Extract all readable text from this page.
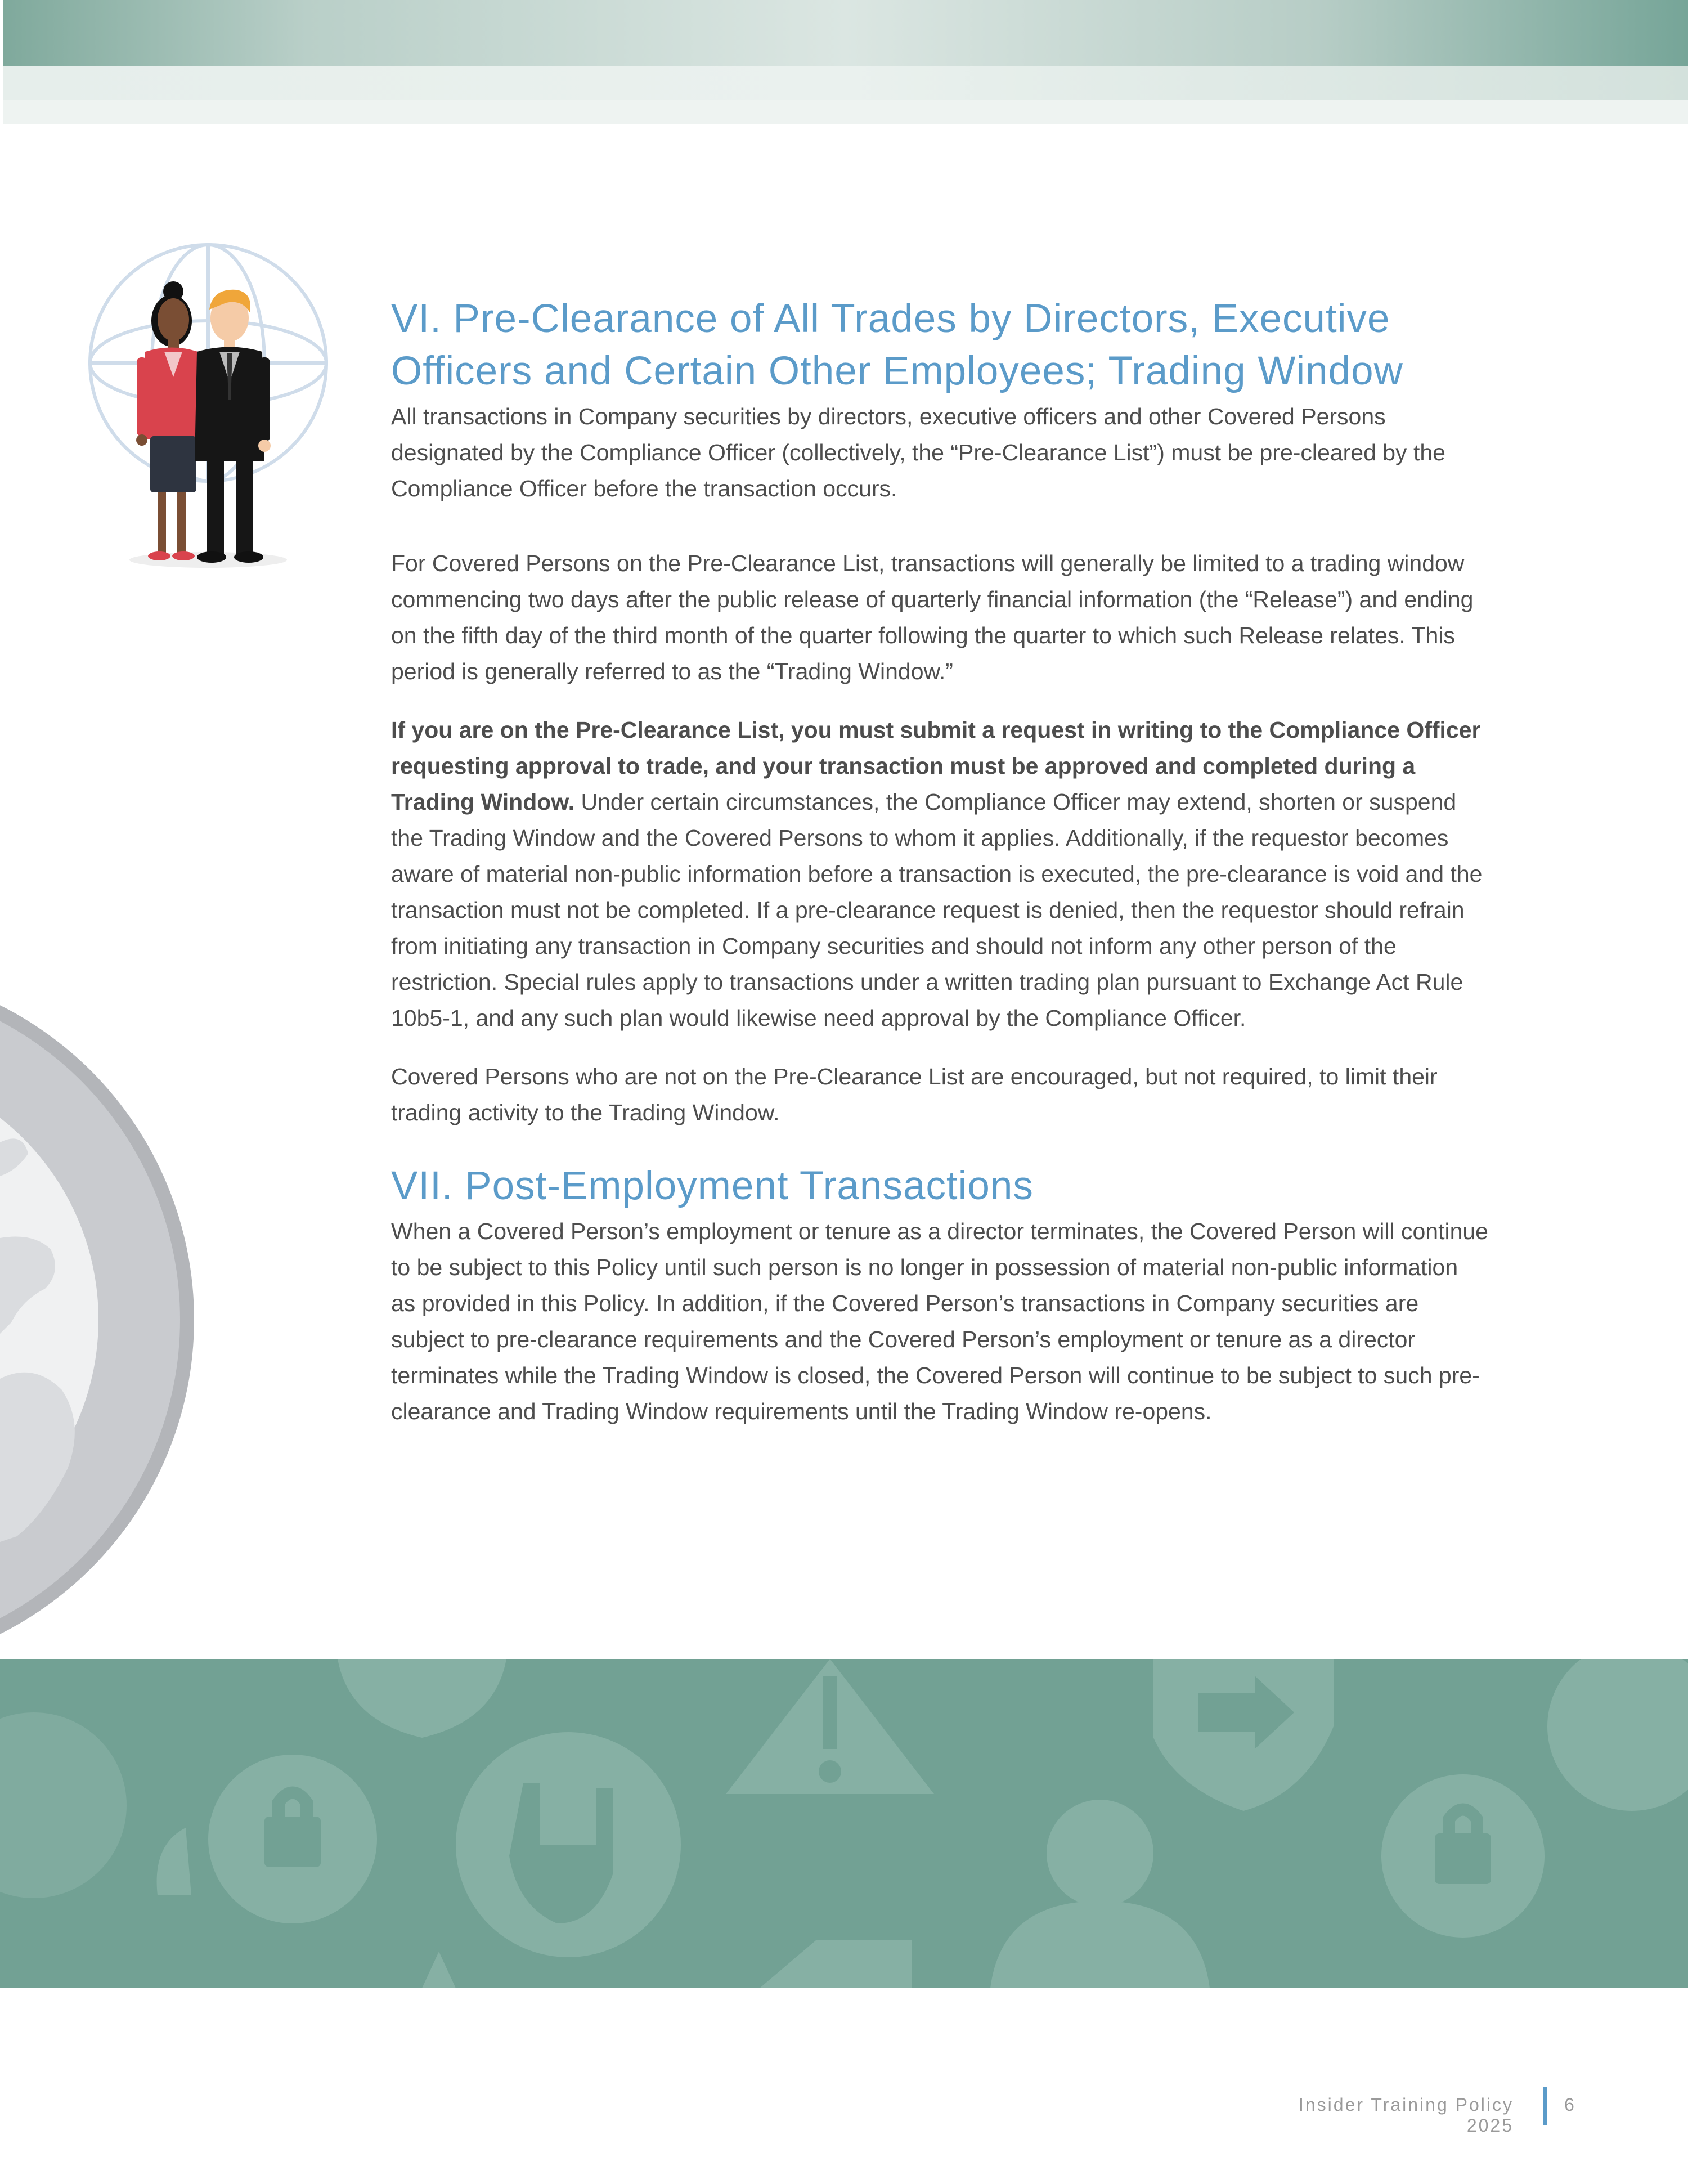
VI. Pre-Clearance of All Trades by Directors, Executive Officers and Certain Other Employees; Trading Window

All transactions in Company securities by directors, executive officers and other Covered Persons designated by the Compliance Officer (collectively, the “Pre-Clearance List”) must be pre-cleared by the Compliance Officer before the transaction occurs.

For Covered Persons on the Pre-Clearance List, transactions will generally be limited to a trading window commencing two days after the public release of quarterly financial information (the “Release”) and ending on the fifth day of the third month of the quarter following the quarter to which such Release relates. This period is generally referred to as the “Trading Window.”

If you are on the Pre-Clearance List, you must submit a request in writing to the Compliance Officer requesting approval to trade, and your transaction must be approved and completed during a Trading Window. Under certain circumstances, the Compliance Officer may extend, shorten or suspend the Trading Window and the Covered Persons to whom it applies. Additionally, if the requestor becomes aware of material non-public information before a transaction is executed, the pre-clearance is void and the transaction must not be completed. If a pre-clearance request is denied, then the requestor should refrain from initiating any transaction in Company securities and should not inform any other person of the restriction. Special rules apply to transactions under a written trading plan pursuant to Exchange Act Rule 10b5-1, and any such plan would likewise need approval by the Compliance Officer.

Covered Persons who are not on the Pre-Clearance List are encouraged, but not required, to limit their trading activity to the Trading Window.

VII. Post-Employment Transactions

When a Covered Person’s employment or tenure as a director terminates, the Covered Person will continue to be subject to this Policy until such person is no longer in possession of material non-public information as provided in this Policy. In addition, if the Covered Person’s transactions in Company securities are subject to pre-clearance requirements and the Covered Person’s employment or tenure as a director terminates while the Trading Window is closed, the Covered Person will continue to be subject to such pre-clearance and Trading Window requirements until the Trading Window re-opens.

Insider Training Policy 2025
6
